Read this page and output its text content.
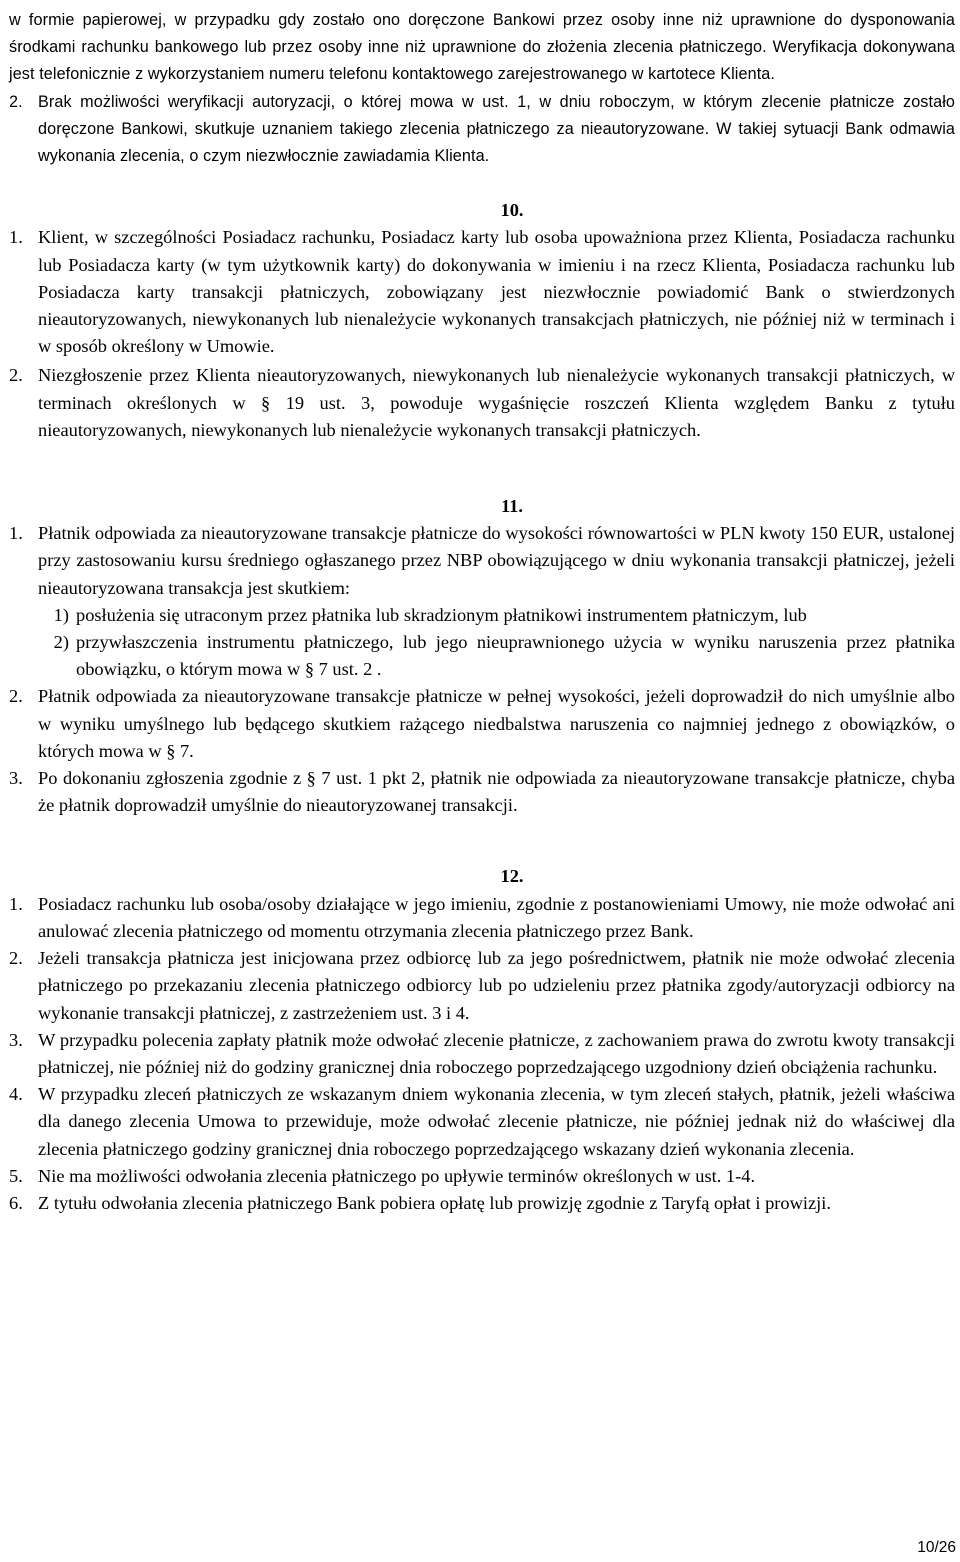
w formie papierowej, w przypadku gdy zostało ono doręczone Bankowi przez osoby inne niż uprawnione do dysponowania środkami rachunku bankowego lub przez osoby inne niż uprawnione do złożenia zlecenia płatniczego. Weryfikacja dokonywana jest telefonicznie z wykorzystaniem numeru telefonu kontaktowego zarejestrowanego w kartotece Klienta.
2. Brak możliwości weryfikacji autoryzacji, o której mowa w ust. 1, w dniu roboczym, w którym zlecenie płatnicze zostało doręczone Bankowi, skutkuje uznaniem takiego zlecenia płatniczego za nieautoryzowane. W takiej sytuacji Bank odmawia wykonania zlecenia, o czym niezwłocznie zawiadamia Klienta.
10.
1. Klient, w szczególności Posiadacz rachunku, Posiadacz karty lub osoba upoważniona przez Klienta, Posiadacza rachunku lub Posiadacza karty (w tym użytkownik karty) do dokonywania w imieniu i na rzecz Klienta, Posiadacza rachunku lub Posiadacza karty transakcji płatniczych, zobowiązany jest niezwłocznie powiadomić Bank o stwierdzonych nieautoryzowanych, niewykonanych lub nienależycie wykonanych transakcjach płatniczych, nie później niż w terminach i w sposób określony w Umowie.
2. Niezgłoszenie przez Klienta nieautoryzowanych, niewykonanych lub nienależycie wykonanych transakcji płatniczych, w terminach określonych w § 19 ust. 3, powoduje wygaśnięcie roszczeń Klienta względem Banku z tytułu nieautoryzowanych, niewykonanych lub nienależycie wykonanych transakcji płatniczych.
11.
1. Płatnik odpowiada za nieautoryzowane transakcje płatnicze do wysokości równowartości w PLN kwoty 150 EUR, ustalonej przy zastosowaniu kursu średniego ogłaszanego przez NBP obowiązującego w dniu wykonania transakcji płatniczej, jeżeli nieautoryzowana transakcja jest skutkiem:
1) posłużenia się utraconym przez płatnika lub skradzionym płatnikowi instrumentem płatniczym, lub
2) przywłaszczenia instrumentu płatniczego, lub jego nieuprawnionego użycia w wyniku naruszenia przez płatnika obowiązku, o którym mowa w § 7 ust. 2 .
2. Płatnik odpowiada za nieautoryzowane transakcje płatnicze w pełnej wysokości, jeżeli doprowadził do nich umyślnie albo w wyniku umyślnego lub będącego skutkiem rażącego niedbalstwa naruszenia co najmniej jednego z obowiązków, o których mowa w § 7.
3. Po dokonaniu zgłoszenia zgodnie z § 7 ust. 1 pkt 2, płatnik nie odpowiada za nieautoryzowane transakcje płatnicze, chyba że płatnik doprowadził umyślnie do nieautoryzowanej transakcji.
12.
1. Posiadacz rachunku lub osoba/osoby działające w jego imieniu, zgodnie z postanowieniami Umowy, nie może odwołać ani anulować zlecenia płatniczego od momentu otrzymania zlecenia płatniczego przez Bank.
2. Jeżeli transakcja płatnicza jest inicjowana przez odbiorcę lub za jego pośrednictwem, płatnik nie może odwołać zlecenia płatniczego po przekazaniu zlecenia płatniczego odbiorcy lub po udzieleniu przez płatnika zgody/autoryzacji odbiorcy na wykonanie transakcji płatniczej, z zastrzeżeniem ust. 3 i 4.
3. W przypadku polecenia zapłaty płatnik może odwołać zlecenie płatnicze, z zachowaniem prawa do zwrotu kwoty transakcji płatniczej, nie później niż do godziny granicznej dnia roboczego poprzedzającego uzgodniony dzień obciążenia rachunku.
4. W przypadku zleceń płatniczych ze wskazanym dniem wykonania zlecenia, w tym zleceń stałych, płatnik, jeżeli właściwa dla danego zlecenia Umowa to przewiduje, może odwołać zlecenie płatnicze, nie później jednak niż do właściwej dla zlecenia płatniczego godziny granicznej dnia roboczego poprzedzającego wskazany dzień wykonania zlecenia.
5. Nie ma możliwości odwołania zlecenia płatniczego po upływie terminów określonych w ust. 1-4.
6. Z tytułu odwołania zlecenia płatniczego Bank pobiera opłatę lub prowizję zgodnie z Taryfą opłat i prowizji.
10/26
